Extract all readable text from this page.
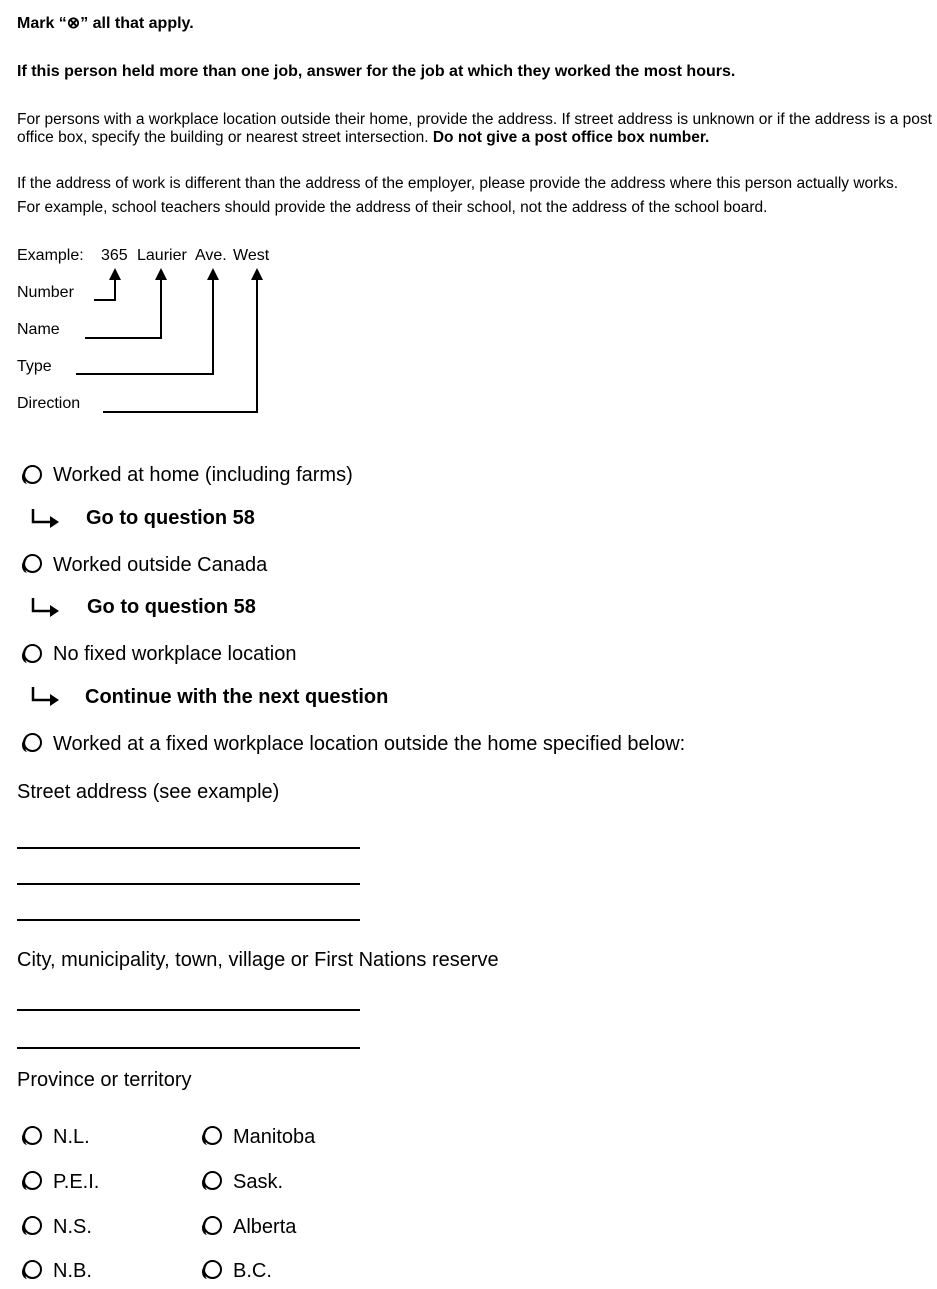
Mark “⊗” all that apply.
If this person held more than one job, answer for the job at which they worked the most hours.
For persons with a workplace location outside their home, provide the address. If street address is unknown or if the address is a post office box, specify the building or nearest street intersection. Do not give a post office box number.
If the address of work is different than the address of the employer, please provide the address where this person actually works.
For example, school teachers should provide the address of their school, not the address of the school board.
Example: 365 Laurier Ave. West
Number
Name
Type
Direction
Worked at home (including farms)
Go to question 58
Worked outside Canada
Go to question 58
No fixed workplace location
Continue with the next question
Worked at a fixed workplace location outside the home specified below:
Street address (see example)
City, municipality, town, village or First Nations reserve
Province or territory
N.L.
P.E.I.
N.S.
N.B.
Manitoba
Sask.
Alberta
B.C.
